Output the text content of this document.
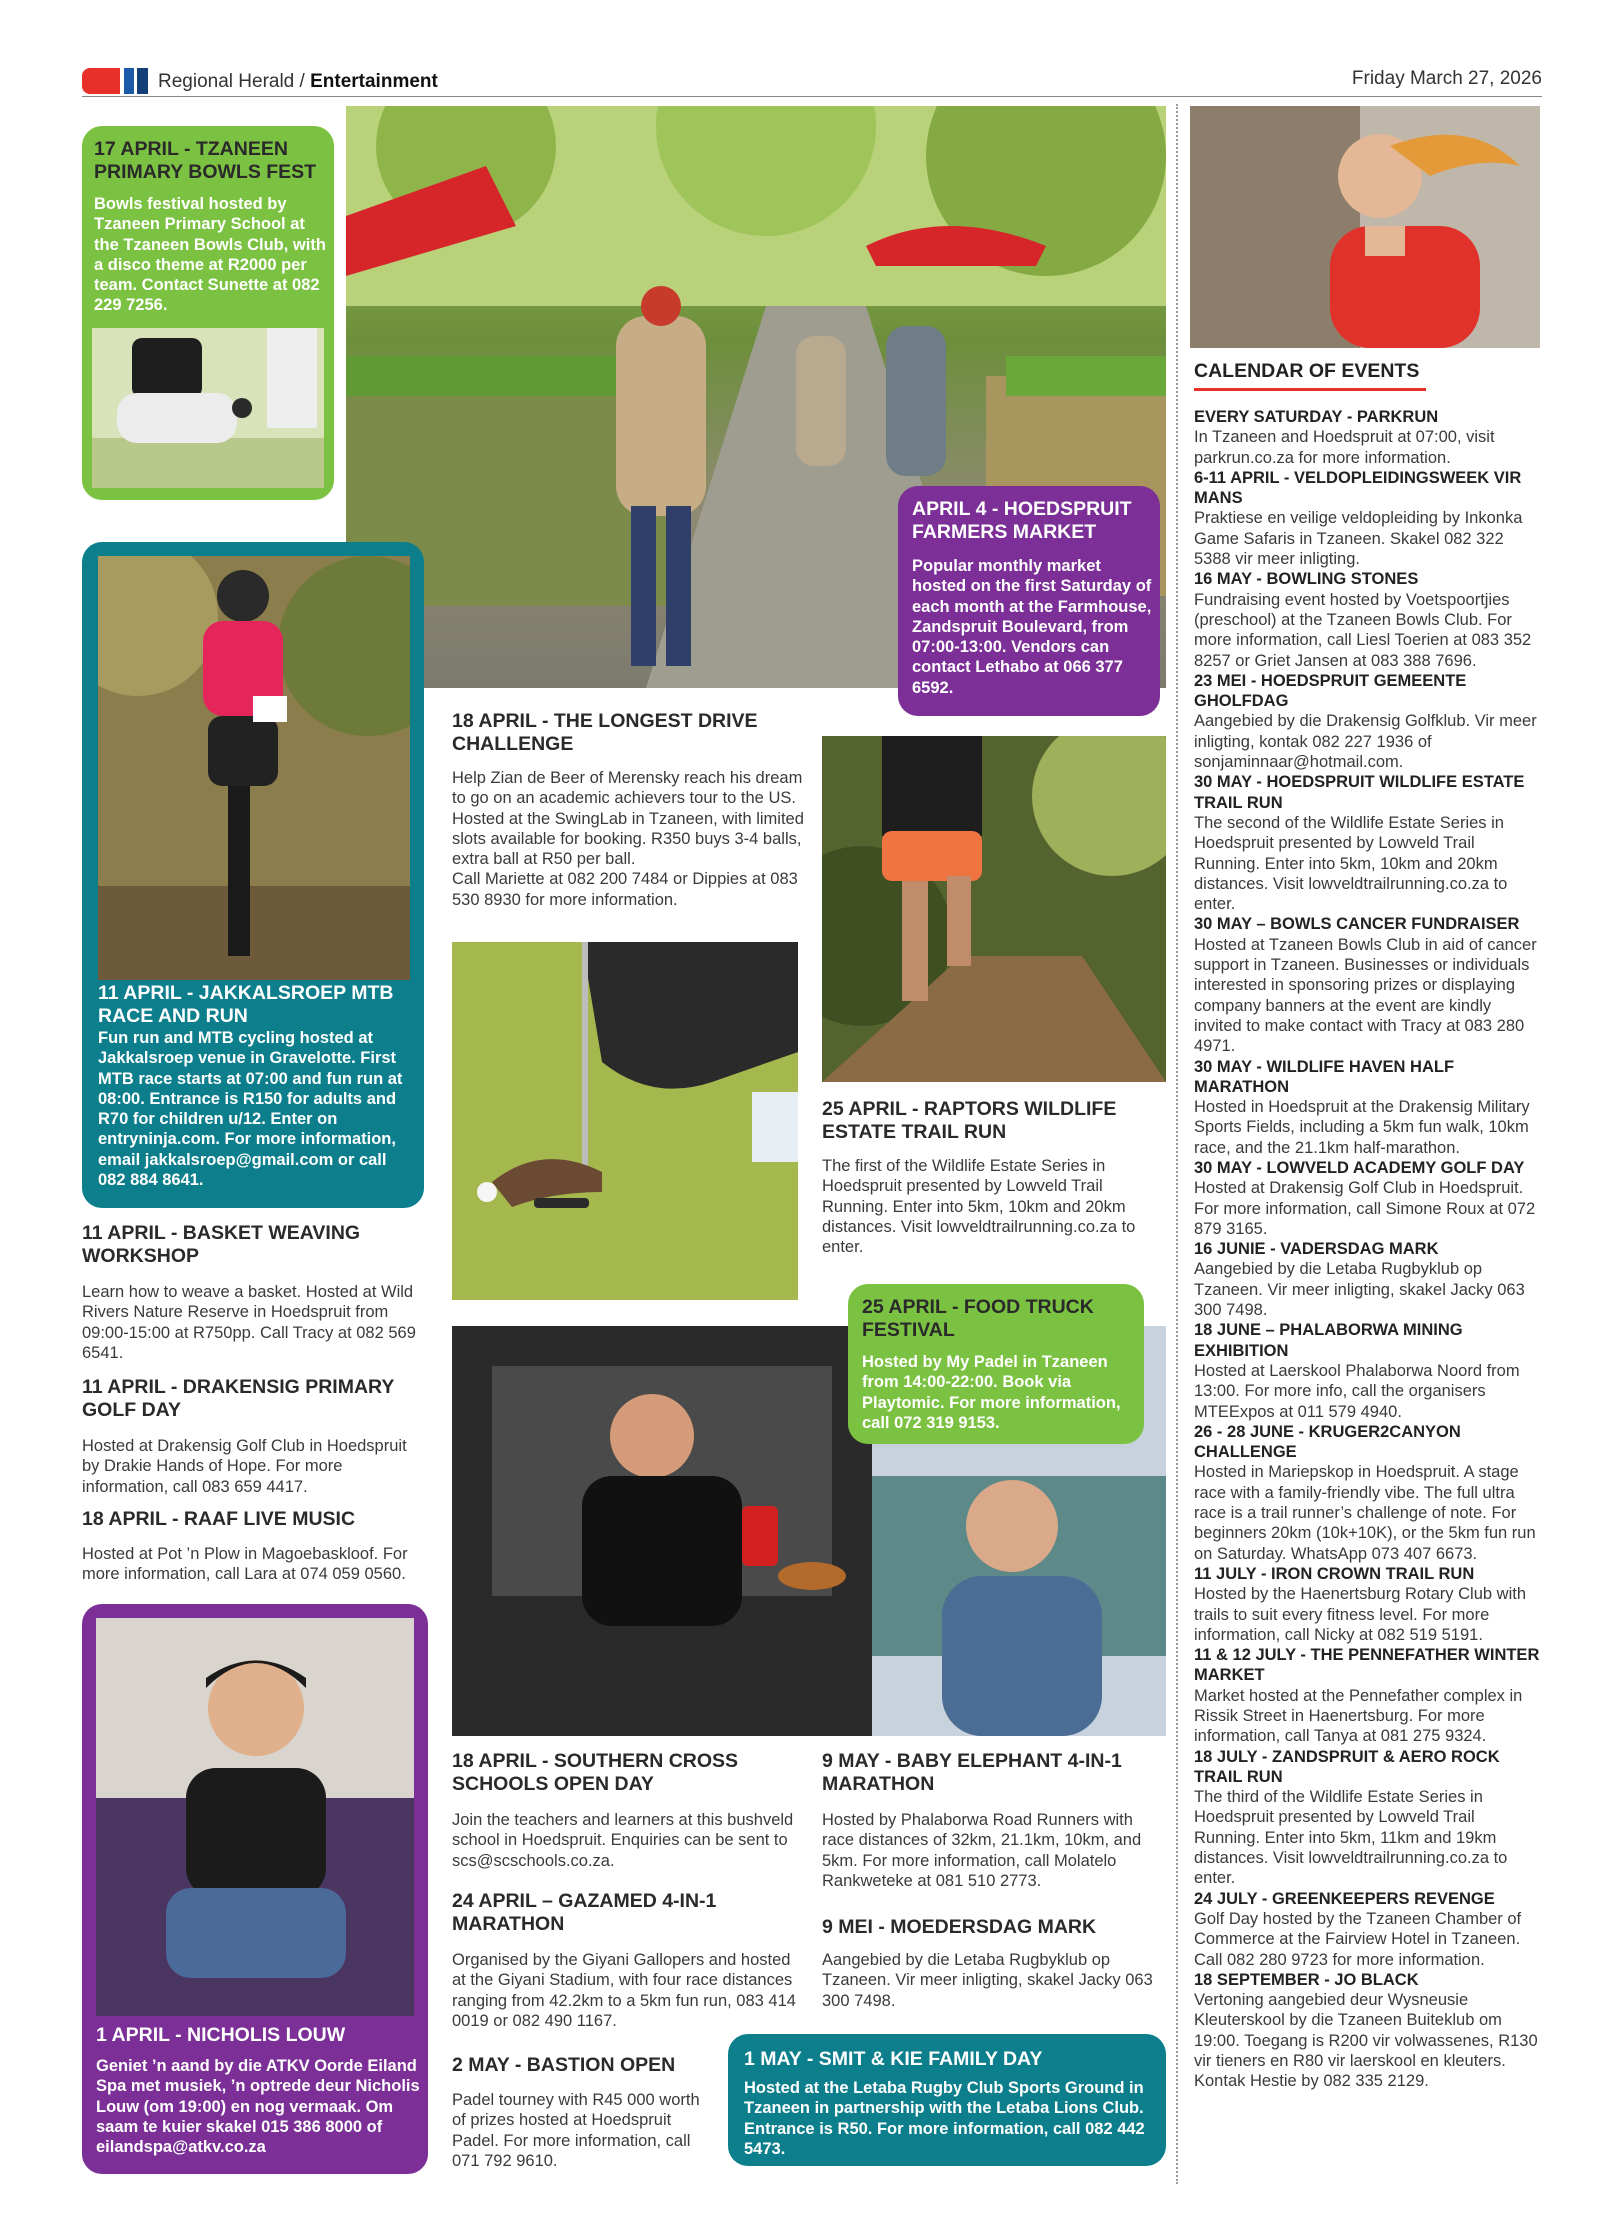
Regional Herald / Entertainment	Friday March 27, 2026
17 APRIL - TZANEEN PRIMARY BOWLS FEST
Bowls festival hosted by Tzaneen Primary School at the Tzaneen Bowls Club, with a disco theme at R2000 per team. Contact Sunette at 082 229 7256.
11 APRIL - JAKKALSROEP MTB RACE AND RUN
Fun run and MTB cycling hosted at Jakkalsroep venue in Gravelotte. First MTB race starts at 07:00 and fun run at 08:00. Entrance is R150 for adults and R70 for children u/12. Enter on entryninja.com. For more information, email jakkalsroep@gmail.com or call 082 884 8641.
11 APRIL - BASKET WEAVING WORKSHOP
Learn how to weave a basket. Hosted at Wild Rivers Nature Reserve in Hoedspruit from 09:00-15:00 at R750pp. Call Tracy at 082 569 6541.
11 APRIL - DRAKENSIG PRIMARY GOLF DAY
Hosted at Drakensig Golf Club in Hoedspruit by Drakie Hands of Hope. For more information, call 083 659 4417.
18 APRIL - RAAF LIVE MUSIC
Hosted at Pot ’n Plow in Magoebaskloof. For more information, call Lara at 074 059 0560.
1 APRIL - NICHOLIS LOUW
Geniet ’n aand by die ATKV Oorde Eiland Spa met musiek, ’n optrede deur Nicholis Louw (om 19:00) en nog vermaak. Om saam te kuier skakel 015 386 8000 of eilandspa@atkv.co.za
APRIL 4 - HOEDSPRUIT FARMERS MARKET
Popular monthly market hosted on the first Saturday of each month at the Farmhouse, Zandspruit Boulevard, from 07:00-13:00. Vendors can contact Lethabo at 066 377 6592.
18 APRIL - THE LONGEST DRIVE CHALLENGE
Help Zian de Beer of Merensky reach his dream to go on an academic achievers tour to the US.
Hosted at the SwingLab in Tzaneen, with limited slots available for booking. R350 buys 3-4 balls, extra ball at R50 per ball.
Call Mariette at 082 200 7484 or Dippies at 083 530 8930 for more information.
25 APRIL - RAPTORS WILDLIFE ESTATE TRAIL RUN
The first of the Wildlife Estate Series in Hoedspruit presented by Lowveld Trail Running. Enter into 5km, 10km and 20km distances. Visit lowveldtrailrunning.co.za to enter.
25 APRIL - FOOD TRUCK FESTIVAL
Hosted by My Padel in Tzaneen from 14:00-22:00. Book via Playtomic. For more information, call 072 319 9153.
18 APRIL - SOUTHERN CROSS SCHOOLS OPEN DAY
Join the teachers and learners at this bushveld school in Hoedspruit. Enquiries can be sent to scs@scschools.co.za.
24 APRIL – GAZAMED 4-IN-1 MARATHON
Organised by the Giyani Gallopers and hosted at the Giyani Stadium, with four race distances ranging from 42.2km to a 5km fun run, 083 414 0019 or 082 490 1167.
2 MAY - BASTION OPEN
Padel tourney with R45 000 worth of prizes hosted at Hoedspruit Padel. For more information, call 071 792 9610.
9 MAY - BABY ELEPHANT 4-IN-1 MARATHON
Hosted by Phalaborwa Road Runners with race distances of 32km, 21.1km, 10km, and 5km. For more information, call Molatelo Rankweteke at 081 510 2773.
9 MEI - MOEDERSDAG MARK
Aangebied by die Letaba Rugbyklub op Tzaneen. Vir meer inligting, skakel Jacky 063 300 7498.
1 MAY - SMIT & KIE FAMILY DAY
Hosted at the Letaba Rugby Club Sports Ground in Tzaneen in partnership with the Letaba Lions Club. Entrance is R50. For more information, call 082 442 5473.
CALENDAR OF EVENTS
EVERY SATURDAY - PARKRUN
In Tzaneen and Hoedspruit at 07:00, visit parkrun.co.za for more information.
6-11 APRIL - VELDOPLEIDINGSWEEK VIR MANS
Praktiese en veilige veldopleiding by Inkonka Game Safaris in Tzaneen. Skakel 082 322 5388 vir meer inligting.
16 MAY - BOWLING STONES
Fundraising event hosted by Voetspoortjies (preschool) at the Tzaneen Bowls Club. For more information, call Liesl Toerien at 083 352 8257 or Griet Jansen at 083 388 7696.
23 MEI - HOEDSPRUIT GEMEENTE GHOLFDAG
Aangebied by die Drakensig Golfklub. Vir meer inligting, kontak 082 227 1936 of sonjaminnaar@hotmail.com.
30 MAY - HOEDSPRUIT WILDLIFE ESTATE TRAIL RUN
The second of the Wildlife Estate Series in Hoedspruit presented by Lowveld Trail Running. Enter into 5km, 10km and 20km distances. Visit lowveldtrailrunning.co.za to enter.
30 MAY – BOWLS CANCER FUNDRAISER
Hosted at Tzaneen Bowls Club in aid of cancer support in Tzaneen. Businesses or individuals interested in sponsoring prizes or displaying company banners at the event are kindly invited to make contact with Tracy at 083 280 4971.
30 MAY - WILDLIFE HAVEN HALF MARATHON
Hosted in Hoedspruit at the Drakensig Military Sports Fields, including a 5km fun walk, 10km race, and the 21.1km half-marathon.
30 MAY - LOWVELD ACADEMY GOLF DAY
Hosted at Drakensig Golf Club in Hoedspruit. For more information, call Simone Roux at 072 879 3165.
16 JUNIE - VADERSDAG MARK
Aangebied by die Letaba Rugbyklub op Tzaneen. Vir meer inligting, skakel Jacky 063 300 7498.
18 JUNE – PHALABORWA MINING EXHIBITION
Hosted at Laerskool Phalaborwa Noord from 13:00. For more info, call the organisers MTEExpos at 011 579 4940.
26 - 28 JUNE - KRUGER2CANYON CHALLENGE
Hosted in Mariepskop in Hoedspruit. A stage race with a family-friendly vibe. The full ultra race is a trail runner’s challenge of note. For beginners 20km (10k+10K), or the 5km fun run on Saturday. WhatsApp 073 407 6673.
11 JULY - IRON CROWN TRAIL RUN
Hosted by the Haenertsburg Rotary Club with trails to suit every fitness level. For more information, call Nicky at 082 519 5191.
11 & 12 JULY - THE PENNEFATHER WINTER MARKET
Market hosted at the Pennefather complex in Rissik Street in Haenertsburg. For more information, call Tanya at 081 275 9324.
18 JULY - ZANDSPRUIT & AERO ROCK TRAIL RUN
The third of the Wildlife Estate Series in Hoedspruit presented by Lowveld Trail Running. Enter into 5km, 11km and 19km distances. Visit lowveldtrailrunning.co.za to enter.
24 JULY - GREENKEEPERS REVENGE
Golf Day hosted by the Tzaneen Chamber of Commerce at the Fairview Hotel in Tzaneen. Call 082 280 9723 for more information.
18 SEPTEMBER - JO BLACK
Vertoning aangebied deur Wysneusie Kleuterskool by die Tzaneen Buiteklub om 19:00. Toegang is R200 vir volwassenes, R130 vir tieners en R80 vir laerskool en kleuters. Kontak Hestie by 082 335 2129.
